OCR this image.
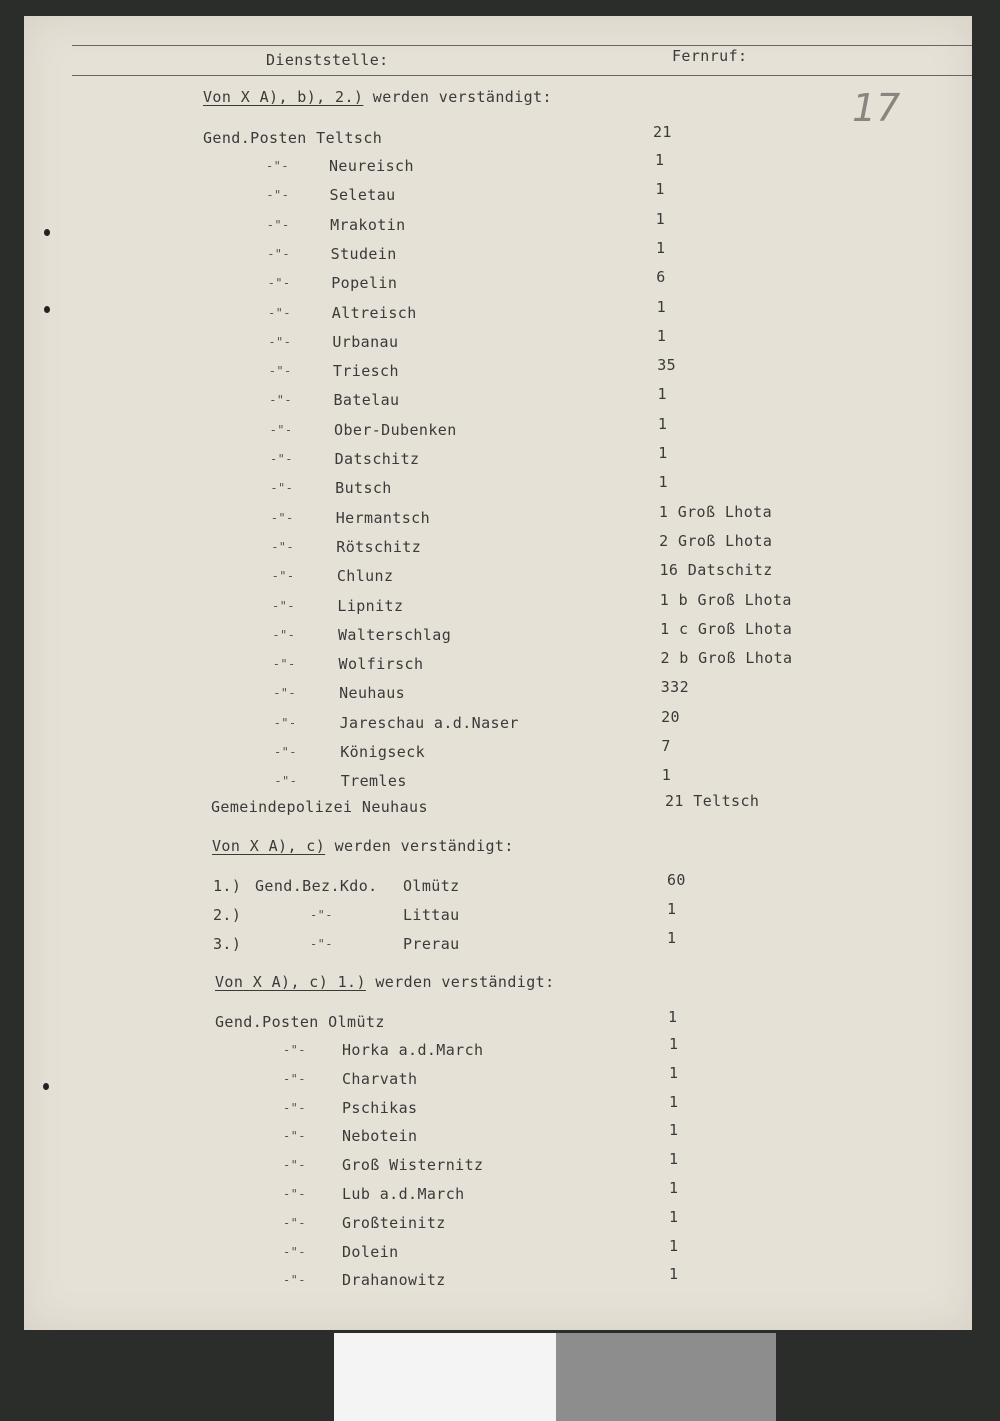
Dienststelle:	Fernruf:
17
Von X A), b), 2.) werden verständigt:
Gend.Posten Teltsch	21
-"-	Neureisch	1
-"-	Seletau	1
-"-	Mrakotin	1
-"-	Studein	1
-"-	Popelin	6
-"-	Altreisch	1
-"-	Urbanau	1
-"-	Triesch	35
-"-	Batelau	1
-"-	Ober-Dubenken	1
-"-	Datschitz	1
-"-	Butsch	1
-"-	Hermantsch	1 Groß Lhota
-"-	Rötschitz	2 Groß Lhota
-"-	Chlunz	16 Datschitz
-"-	Lipnitz	1 b Groß Lhota
-"-	Walterschlag	1 c Groß Lhota
-"-	Wolfirsch	2 b Groß Lhota
-"-	Neuhaus	332
-"-	Jareschau a.d.Naser	20
-"-	Königseck	7
-"-	Tremles	1
Gemeindepolizei Neuhaus	21 Teltsch
Von X A), c) werden verständigt:
1.) Gend.Bez.Kdo. Olmütz	60
2.)	-"-	Littau	1
3.)	-"-	Prerau	1
Von X A), c) 1.) werden verständigt:
Gend.Posten Olmütz	1
-"- Horka a.d.March	1
-"- Charvath	1
-"- Pschikas	1
-"- Nebotein	1
-"- Groß Wisternitz	1
-"- Lub a.d.March	1
-"- Großteinitz	1
-"- Dolein	1
-"- Drahanowitz	1
